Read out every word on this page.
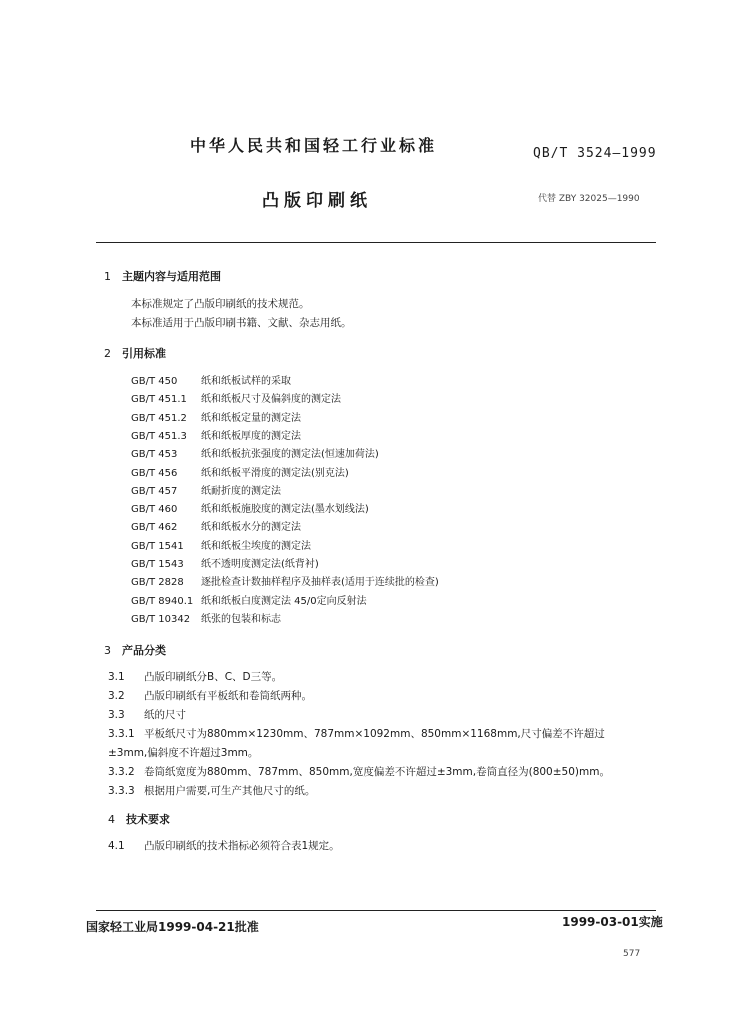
中华人民共和国轻工行业标准	QB/T 3524—1999
凸版印刷纸	代替 ZBY 32025—1990
1 主题内容与适用范围
本标准规定了凸版印刷纸的技术规范。
本标准适用于凸版印刷书籍、文献、杂志用纸。
2 引用标准
GB/T 450 纸和纸板试样的采取
GB/T 451.1 纸和纸板尺寸及偏斜度的测定法
GB/T 451.2 纸和纸板定量的测定法
GB/T 451.3 纸和纸板厚度的测定法
GB/T 453 纸和纸板抗张强度的测定法(恒速加荷法)
GB/T 456 纸和纸板平滑度的测定法(别克法)
GB/T 457 纸耐折度的测定法
GB/T 460 纸和纸板施胶度的测定法(墨水划线法)
GB/T 462 纸和纸板水分的测定法
GB/T 1541 纸和纸板尘埃度的测定法
GB/T 1543 纸不透明度测定法(纸背衬)
GB/T 2828 逐批检查计数抽样程序及抽样表(适用于连续批的检查)
GB/T 8940.1 纸和纸板白度测定法 45/0定向反射法
GB/T 10342 纸张的包装和标志
3 产品分类
3.1 凸版印刷纸分B、C、D三等。
3.2 凸版印刷纸有平板纸和卷筒纸两种。
3.3 纸的尺寸
3.3.1 平板纸尺寸为880mm×1230mm、787mm×1092mm、850mm×1168mm,尺寸偏差不许超过
±3mm,偏斜度不许超过3mm。
3.3.2 卷筒纸宽度为880mm、787mm、850mm,宽度偏差不许超过±3mm,卷筒直径为(800±50)mm。
3.3.3 根据用户需要,可生产其他尺寸的纸。
4 技术要求
4.1 凸版印刷纸的技术指标必须符合表1规定。
国家轻工业局1999-04-21批准	1999-03-01实施
577
